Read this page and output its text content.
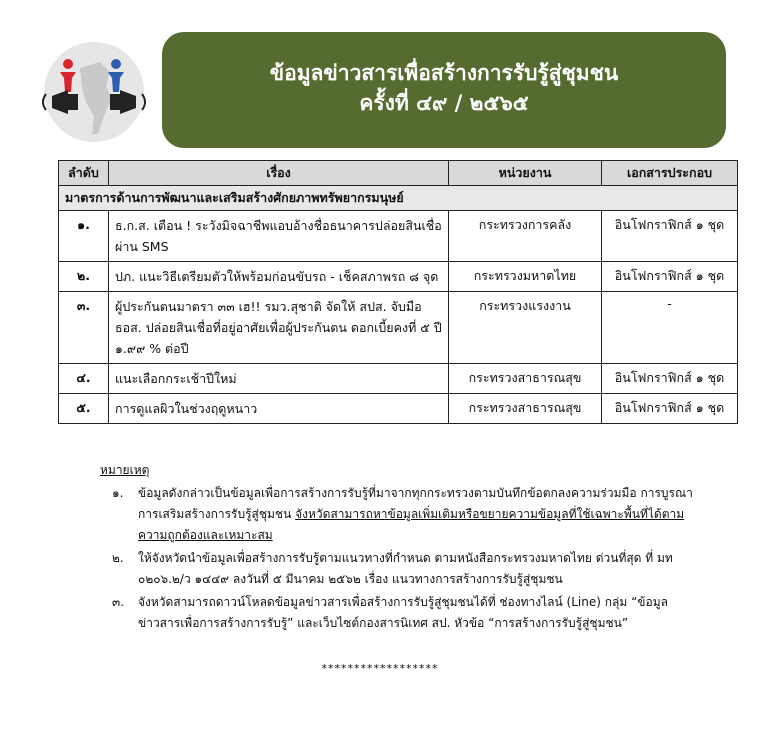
ข้อมูลข่าวสารเพื่อสร้างการรับรู้สู่ชุมชน
ครั้งที่ ๔๙ / ๒๕๖๕
ลำดับ	เรื่อง	หน่วยงาน	เอกสารประกอบ
มาตรการด้านการพัฒนาและเสริมสร้างศักยภาพทรัพยากรมนุษย์			
๑.	ธ.ก.ส. เตือน ! ระวังมิจฉาชีพแอบอ้างชื่อธนาคารปล่อยสินเชื่อผ่าน SMS	กระทรวงการคลัง	อินโฟกราฟิกส์ ๑ ชุด
๒.	ปภ. แนะวิธีเตรียมตัวให้พร้อมก่อนขับรถ - เช็คสภาพรถ ๘ จุด	กระทรวงมหาดไทย	อินโฟกราฟิกส์ ๑ ชุด
๓.	ผู้ประกันตนมาตรา ๓๓ เฮ!! รมว.สุชาติ จัดให้ สปส. จับมือ ธอส. ปล่อยสินเชื่อที่อยู่อาศัยเพื่อผู้ประกันตน ดอกเบี้ยคงที่ ๕ ปี ๑.๙๙ % ต่อปี	กระทรวงแรงงาน	-
๔.	แนะเลือกกระเช้าปีใหม่	กระทรวงสาธารณสุข	อินโฟกราฟิกส์ ๑ ชุด
๕.	การดูแลผิวในช่วงฤดูหนาว	กระทรวงสาธารณสุข	อินโฟกราฟิกส์ ๑ ชุด
หมายเหตุ
๑. ข้อมูลดังกล่าวเป็นข้อมูลเพื่อการสร้างการรับรู้ที่มาจากทุกกระทรวงตามบันทึกข้อตกลงความร่วมมือ การบูรณาการเสริมสร้างการรับรู้สู่ชุมชน จังหวัดสามารถหาข้อมูลเพิ่มเติมหรือขยายความข้อมูลที่ใช้เฉพาะพื้นที่ได้ตามความถูกต้องและเหมาะสม
๒. ให้จังหวัดนำข้อมูลเพื่อสร้างการรับรู้ตามแนวทางที่กำหนด ตามหนังสือกระทรวงมหาดไทย ด่วนที่สุด ที่ มท ๐๒๐๖.๒/ว ๑๔๔๙ ลงวันที่ ๕ มีนาคม ๒๕๖๒ เรื่อง แนวทางการสร้างการรับรู้สู่ชุมชน
๓. จังหวัดสามารถดาวน์โหลดข้อมูลข่าวสารเพื่อสร้างการรับรู้สู่ชุมชนได้ที่ ช่องทางไลน์ (Line) กลุ่ม “ข้อมูลข่าวสารเพื่อการสร้างการรับรู้” และเว็บไซต์กองสารนิเทศ สป. หัวข้อ “การสร้างการรับรู้สู่ชุมชน”
******************
